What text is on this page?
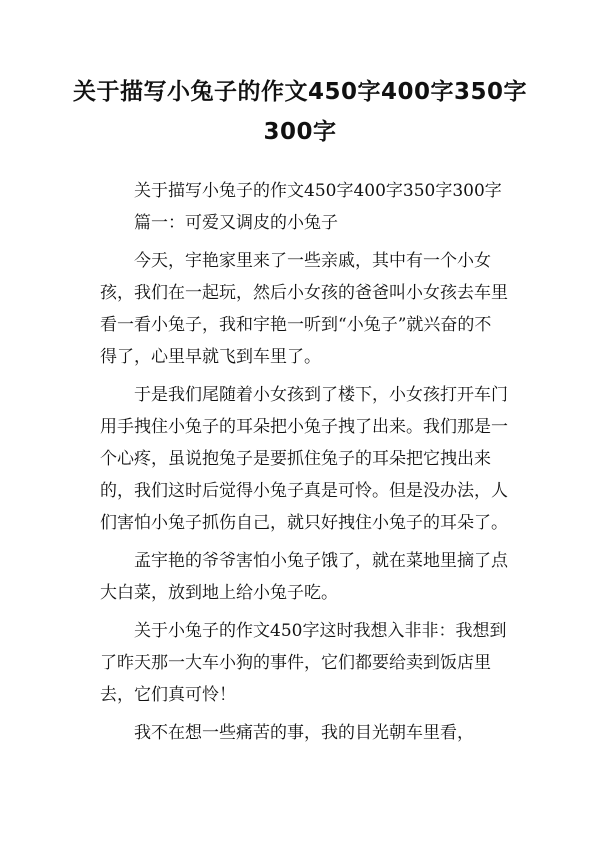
关于描写小兔子的作文450字400字350字300字

关于描写小兔子的作文450字400字350字300字

篇一：可爱又调皮的小兔子

今天，宇艳家里来了一些亲戚，其中有一个小女孩，我们在一起玩，然后小女孩的爸爸叫小女孩去车里看一看小兔子，我和宇艳一听到“小兔子”就兴奋的不得了，心里早就飞到车里了。

于是我们尾随着小女孩到了楼下，小女孩打开车门用手拽住小兔子的耳朵把小兔子拽了出来。我们那是一个心疼，虽说抱兔子是要抓住兔子的耳朵把它拽出来的，我们这时后觉得小兔子真是可怜。但是没办法，人们害怕小兔子抓伤自己，就只好拽住小兔子的耳朵了。

孟宇艳的爷爷害怕小兔子饿了，就在菜地里摘了点大白菜，放到地上给小兔子吃。

关于小兔子的作文450字这时我想入非非：我想到了昨天那一大车小狗的事件，它们都要给卖到饭店里去，它们真可怜！

我不在想一些痛苦的事，我的目光朝车里看，
